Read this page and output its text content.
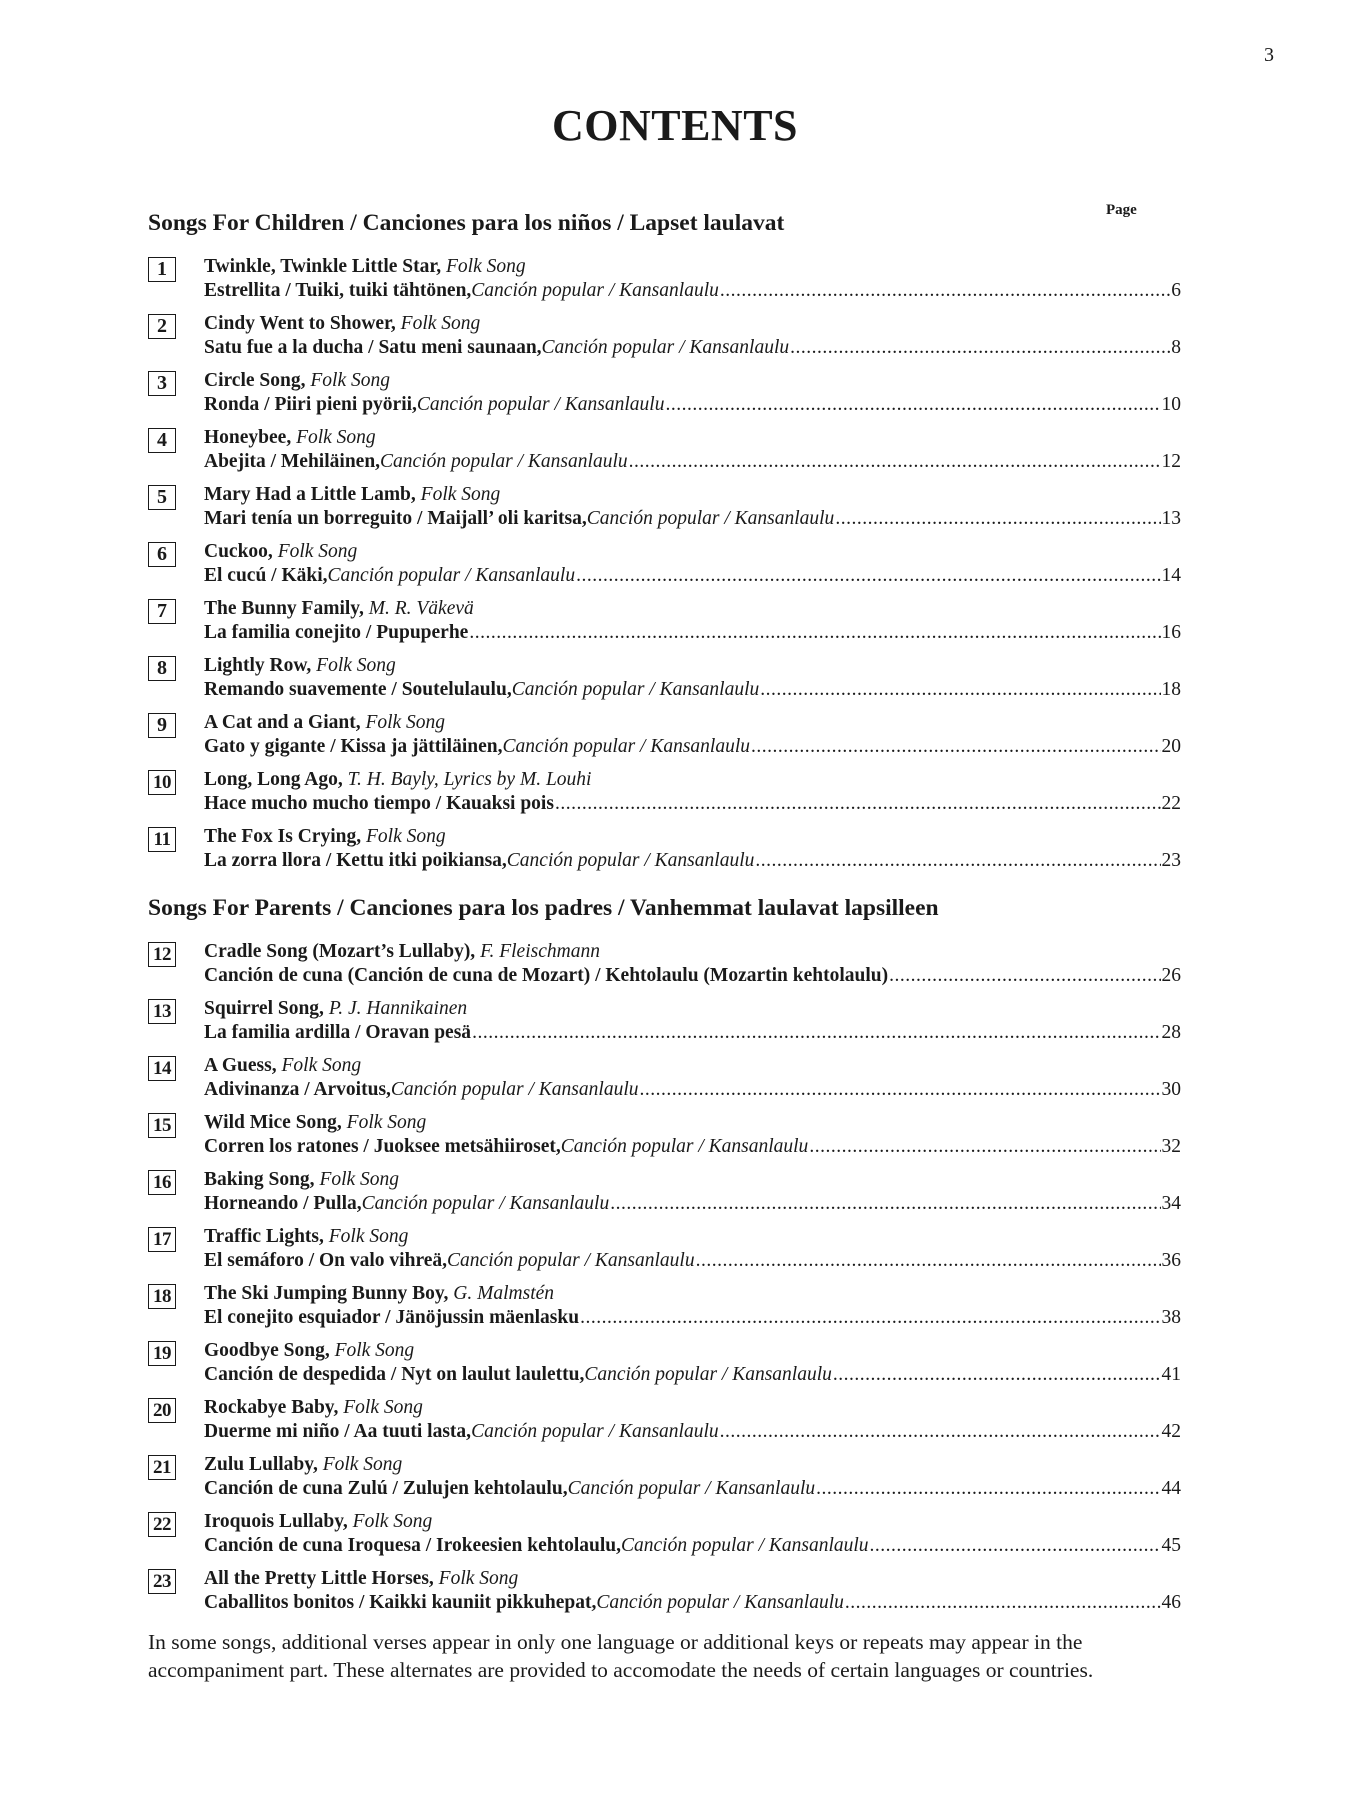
3
CONTENTS
Page
Songs For Children / Canciones para los niños / Lapset laulavat
1	Twinkle, Twinkle Little Star, Folk Song
Estrellita / Tuiki, tuiki tähtönen, Canción popular / Kansanlaulu .....	6
2	Cindy Went to Shower, Folk Song
Satu fue a la ducha / Satu meni saunaan, Canción popular / Kansanlaulu .....	8
3	Circle Song, Folk Song
Ronda / Piiri pieni pyörii, Canción popular / Kansanlaulu .....	10
4	Honeybee, Folk Song
Abejita / Mehiläinen, Canción popular / Kansanlaulu .....	12
5	Mary Had a Little Lamb, Folk Song
Mari tenía un borreguito / Maijall’ oli karitsa, Canción popular / Kansanlaulu .....	13
6	Cuckoo, Folk Song
El cucú / Käki, Canción popular / Kansanlaulu .....	14
7	The Bunny Family, M. R. Väkevä
La familia conejito / Pupuperhe .....	16
8	Lightly Row, Folk Song
Remando suavemente / Soutelulaulu, Canción popular / Kansanlaulu .....	18
9	A Cat and a Giant, Folk Song
Gato y gigante / Kissa ja jättiläinen, Canción popular / Kansanlaulu .....	20
10 Long, Long Ago, T. H. Bayly, Lyrics by M. Louhi
Hace mucho mucho tiempo / Kauaksi pois .....	22
11 The Fox Is Crying, Folk Song
La zorra llora / Kettu itki poikiansa, Canción popular / Kansanlaulu .....	23
Songs For Parents / Canciones para los padres / Vanhemmat laulavat lapsilleen
12 Cradle Song (Mozart’s Lullaby), F. Fleischmann
Canción de cuna (Canción de cuna de Mozart) / Kehtolaulu (Mozartin kehtolaulu) .....	26
13 Squirrel Song, P. J. Hannikainen
La familia ardilla / Oravan pesä .....	28
14 A Guess, Folk Song
Adivinanza / Arvoitus, Canción popular / Kansanlaulu .....	30
15 Wild Mice Song, Folk Song
Corren los ratones / Juoksee metsähiiroset, Canción popular / Kansanlaulu .....	32
16 Baking Song, Folk Song
Horneando / Pulla, Canción popular / Kansanlaulu .....	34
17 Traffic Lights, Folk Song
El semáforo / On valo vihreä, Canción popular / Kansanlaulu .....	36
18 The Ski Jumping Bunny Boy, G. Malmstén
El conejito esquiador / Jänöjussin mäenlasku .....	38
19 Goodbye Song, Folk Song
Canción de despedida / Nyt on laulut laulettu, Canción popular / Kansanlaulu .....	41
20 Rockabye Baby, Folk Song
Duerme mi niño / Aa tuuti lasta, Canción popular / Kansanlaulu .....	42
21 Zulu Lullaby, Folk Song
Canción de cuna Zulú / Zulujen kehtolaulu, Canción popular / Kansanlaulu .....	44
22 Iroquois Lullaby, Folk Song
Canción de cuna Iroquesa / Irokeesien kehtolaulu, Canción popular / Kansanlaulu .....	45
23 All the Pretty Little Horses, Folk Song
Caballitos bonitos / Kaikki kauniit pikkuhepat, Canción popular / Kansanlaulu .....	46

In some songs, additional verses appear in only one language or additional keys or repeats may appear in the accompaniment part. These alternates are provided to accomodate the needs of certain languages or countries.
